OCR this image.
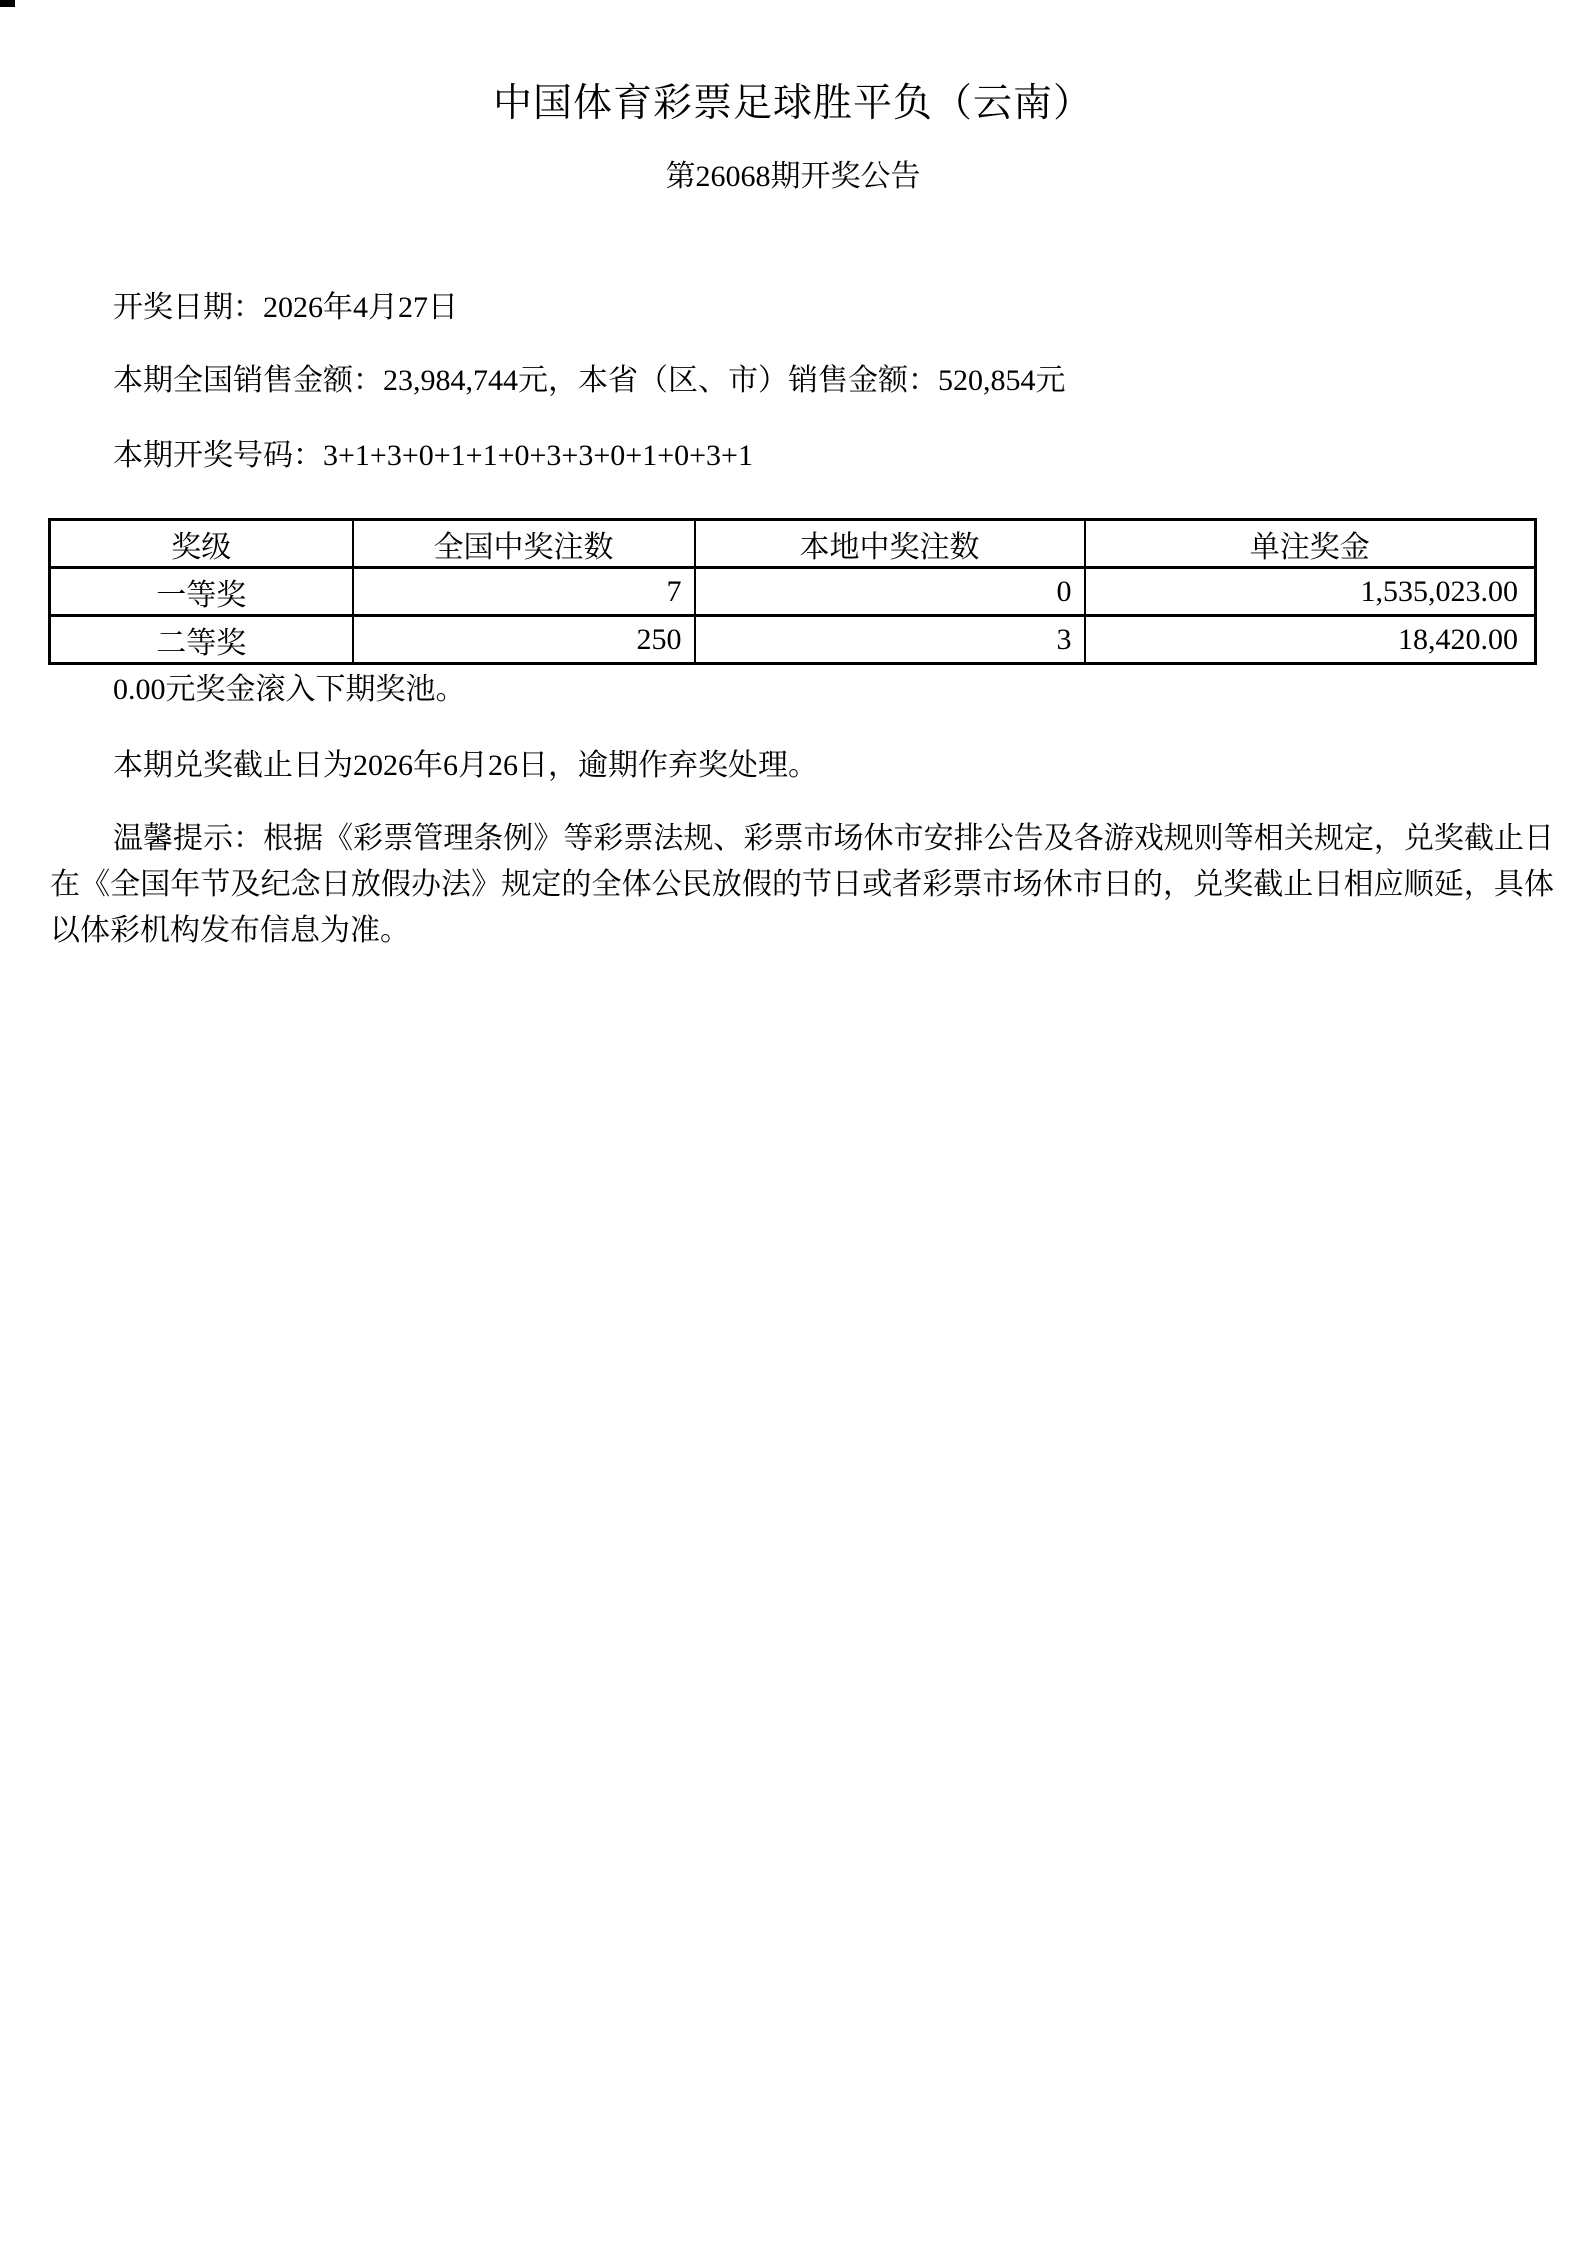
中国体育彩票足球胜平负（云南）
第26068期开奖公告
开奖日期：2026年4月27日
本期全国销售金额：23,984,744元，本省（区、市）销售金额：520,854元
本期开奖号码：3+1+3+0+1+1+0+3+3+0+1+0+3+1
奖级	全国中奖注数	本地中奖注数	单注奖金
一等奖	7	0	1,535,023.00
二等奖	250	3	18,420.00
0.00元奖金滚入下期奖池。
本期兑奖截止日为2026年6月26日，逾期作弃奖处理。
温馨提示：根据《彩票管理条例》等彩票法规、彩票市场休市安排公告及各游戏规则等相关规定，兑奖截止日在《全国年节及纪念日放假办法》规定的全体公民放假的节日或者彩票市场休市日的，兑奖截止日相应顺延，具体以体彩机构发布信息为准。
